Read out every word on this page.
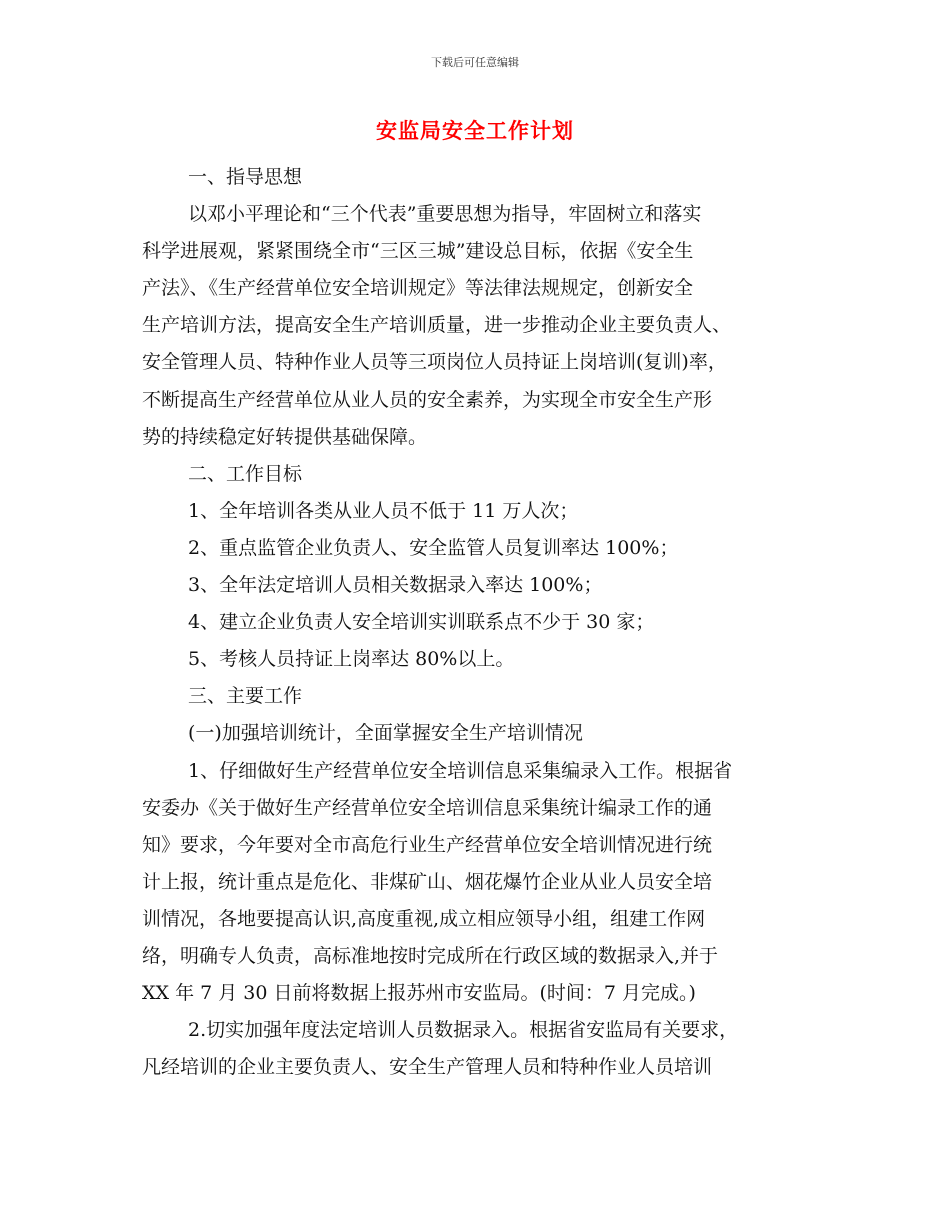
下载后可任意编辑
安监局安全工作计划
一、指导思想
以邓小平理论和“三个代表”重要思想为指导，牢固树立和落实
科学进展观，紧紧围绕全市“三区三城”建设总目标，依据《安全生
产法》、《生产经营单位安全培训规定》等法律法规规定，创新安全
生产培训方法，提高安全生产培训质量，进一步推动企业主要负责人、
安全管理人员、特种作业人员等三项岗位人员持证上岗培训(复训)率，
不断提高生产经营单位从业人员的安全素养，为实现全市安全生产形
势的持续稳定好转提供基础保障。
二、工作目标
1、全年培训各类从业人员不低于 11 万人次；
2、重点监管企业负责人、安全监管人员复训率达 100%；
3、全年法定培训人员相关数据录入率达 100%；
4、建立企业负责人安全培训实训联系点不少于 30 家；
5、考核人员持证上岗率达 80%以上。
三、主要工作
(一)加强培训统计，全面掌握安全生产培训情况
1、仔细做好生产经营单位安全培训信息采集编录入工作。根据省
安委办《关于做好生产经营单位安全培训信息采集统计编录工作的通
知》要求，今年要对全市高危行业生产经营单位安全培训情况进行统
计上报，统计重点是危化、非煤矿山、烟花爆竹企业从业人员安全培
训情况，各地要提高认识,高度重视,成立相应领导小组，组建工作网
络，明确专人负责，高标准地按时完成所在行政区域的数据录入,并于
XX 年 7 月 30 日前将数据上报苏州市安监局。(时间：7 月完成。)
2.切实加强年度法定培训人员数据录入。根据省安监局有关要求，
凡经培训的企业主要负责人、安全生产管理人员和特种作业人员培训
